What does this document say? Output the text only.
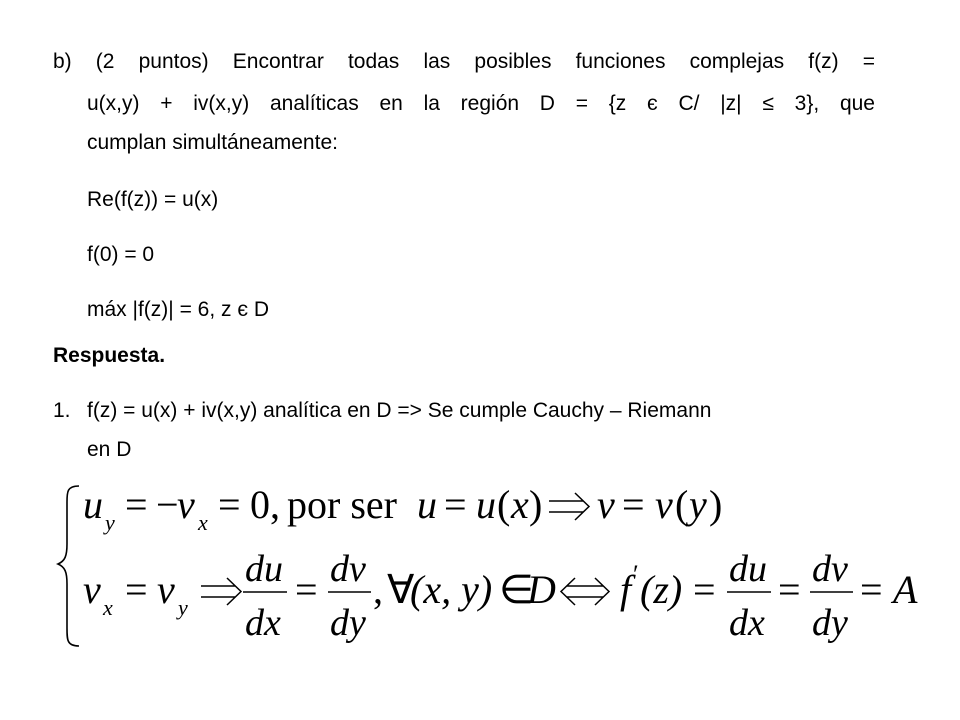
b) (2 puntos) Encontrar todas las posibles funciones complejas f(z) =
u(x,y) + iv(x,y) analíticas en la región D = {z є C/ |z| ≤ 3}, que
cumplan simultáneamente:
Re(f(z)) = u(x)
f(0) = 0
máx |f(z)| = 6, z є D
Respuesta.
1. f(z) = u(x) + iv(x,y) analítica en D => Se cumple Cauchy – Riemann
en D
u y = −
v x = 0, por ser u = u ( x ) v = v ( y )
v x = v y
du
dx
= dv
dy
, ∀
(x, y) ∈
D f ′ (z) = du
dx
= dv
dy
= A
